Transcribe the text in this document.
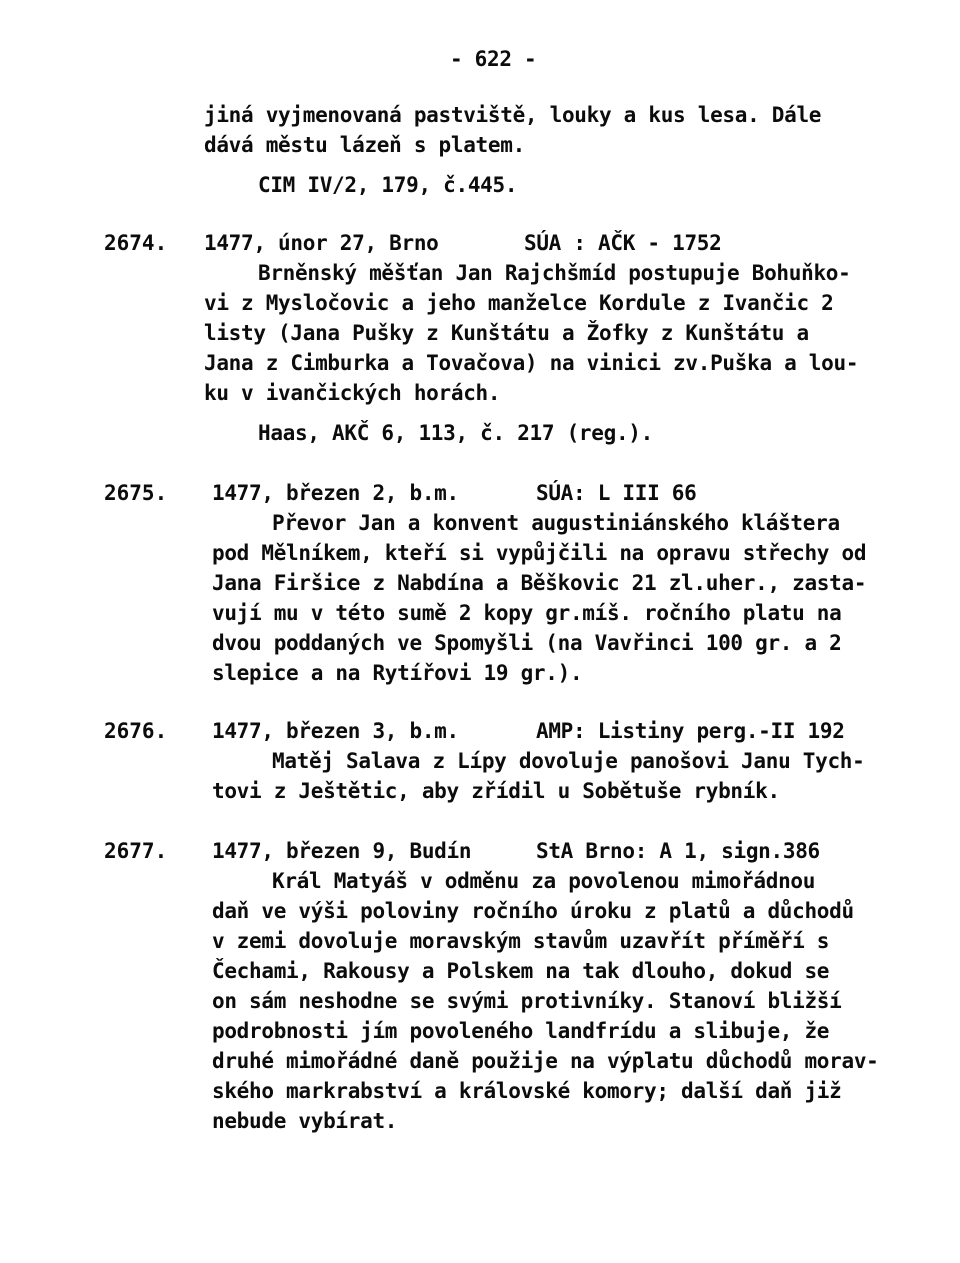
- 622 -
jiná vyjmenovaná pastviště, louky a kus lesa. Dále
dává městu lázeň s platem.
CIM IV/2, 179, č.445.
2674. 1477, únor 27, Brno	SÚA : AČK - 1752
Brněnský měšťan Jan Rajchšmíd postupuje Bohuňko-
vi z Mysločovic a jeho manželce Kordule z Ivančic 2
listy (Jana Pušky z Kunštátu a Žofky z Kunštátu a
Jana z Cimburka a Tovačova) na vinici zv.Puška a lou-
ku v ivančických horách.
Haas, AKČ 6, 113, č. 217 (reg.).
2675. 1477, březen 2, b.m.	SÚA: L III 66
Převor Jan a konvent augustiniánského kláštera
pod Mělníkem, kteří si vypůjčili na opravu střechy od
Jana Firšice z Nabdína a Běškovic 21 zl.uher., zasta-
vují mu v této sumě 2 kopy gr.míš. ročního platu na
dvou poddaných ve Spomyšli (na Vavřinci 100 gr. a 2
slepice a na Rytířovi 19 gr.).
2676. 1477, březen 3, b.m.	AMP: Listiny perg.-II 192
Matěj Salava z Lípy dovoluje panošovi Janu Tych-
tovi z Ještětic, aby zřídil u Sobětuše rybník.
2677. 1477, březen 9, Budín	StA Brno: A 1, sign.386
Král Matyáš v odměnu za povolenou mimořádnou
daň ve výši poloviny ročního úroku z platů a důchodů
v zemi dovoluje moravským stavům uzavřít příměří s
Čechami, Rakousy a Polskem na tak dlouho, dokud se
on sám neshodne se svými protivníky. Stanoví bližší
podrobnosti jím povoleného landfrídu a slibuje, že
druhé mimořádné daně použije na výplatu důchodů morav-
ského markrabství a královské komory; další daň již
nebude vybírat.
